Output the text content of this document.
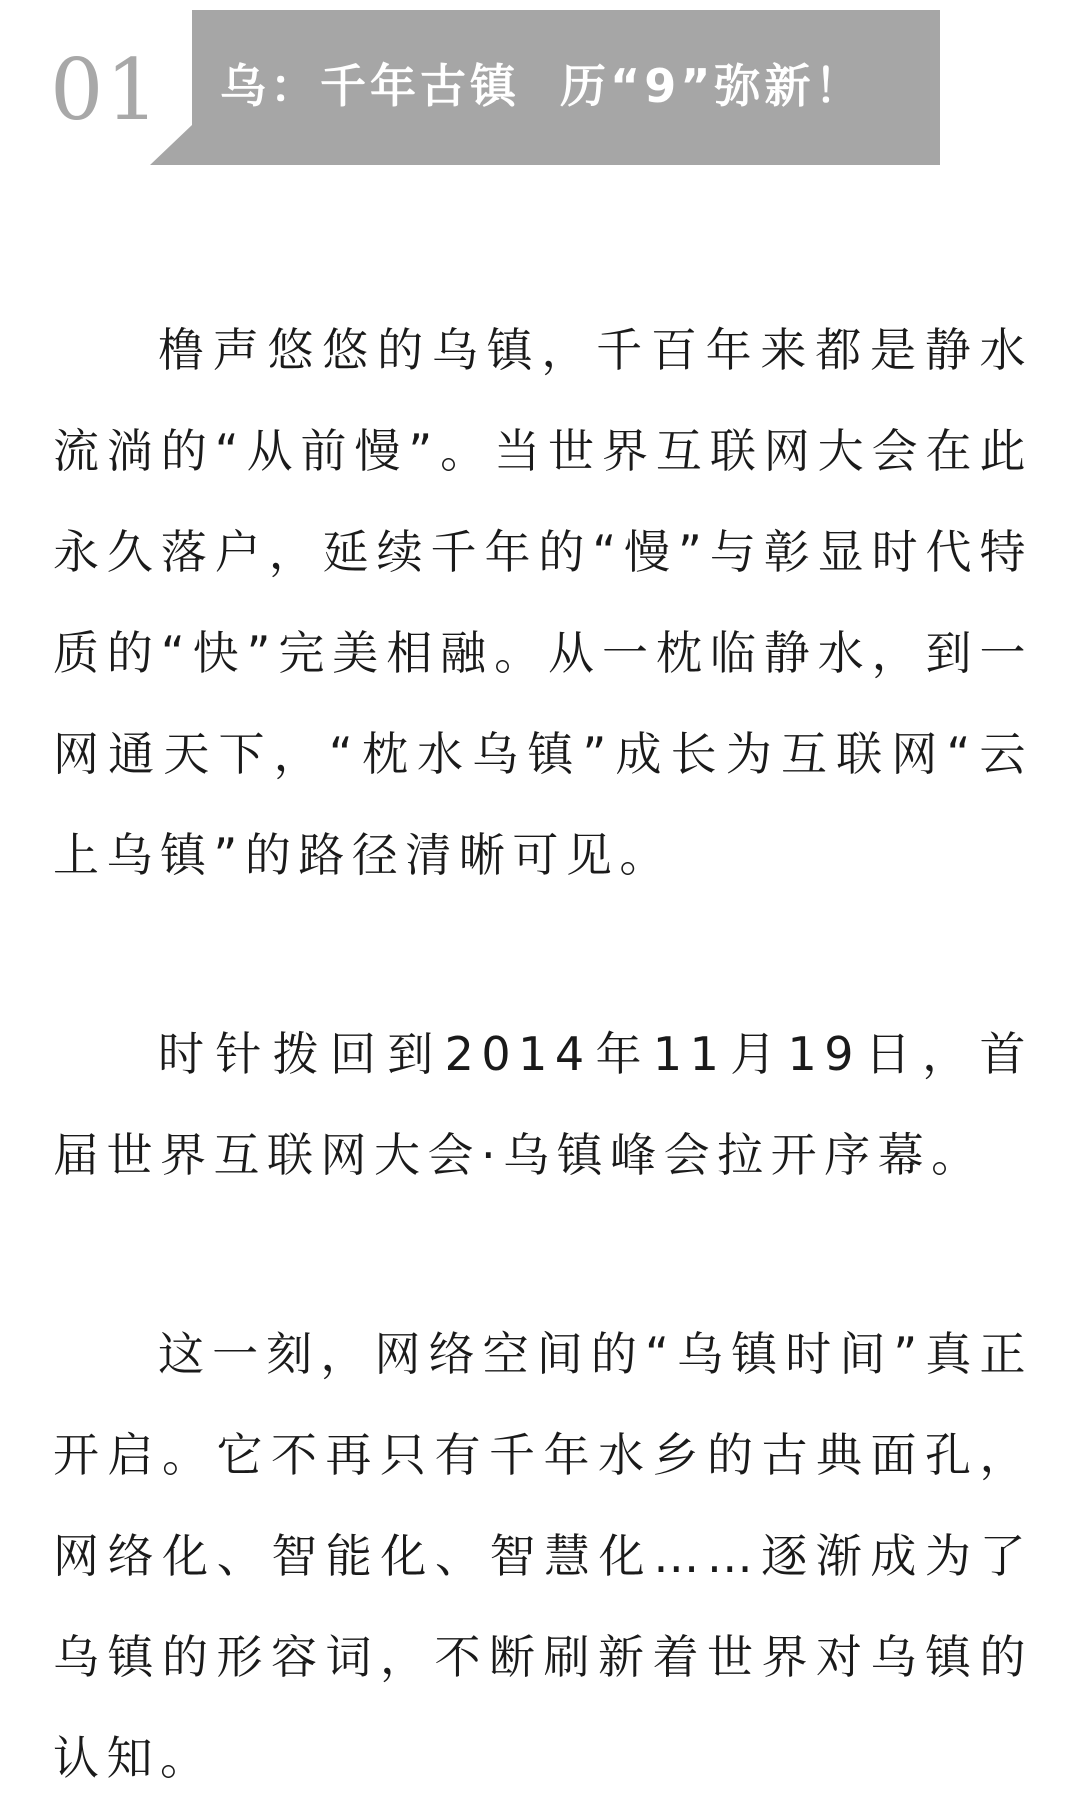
01 乌：千年古镇  历“9”弥新！

橹声悠悠的乌镇，千百年来都是静水流淌的“从前慢”。当世界互联网大会在此永久落户，延续千年的“慢”与彰显时代特质的“快”完美相融。从一枕临静水，到一网通天下，“枕水乌镇”成长为互联网“云上乌镇”的路径清晰可见。

时针拨回到2014年11月19日，首届世界互联网大会·乌镇峰会拉开序幕。

这一刻，网络空间的“乌镇时间”真正开启。它不再只有千年水乡的古典面孔，网络化、智能化、智慧化……逐渐成为了乌镇的形容词，不断刷新着世界对乌镇的认知。
